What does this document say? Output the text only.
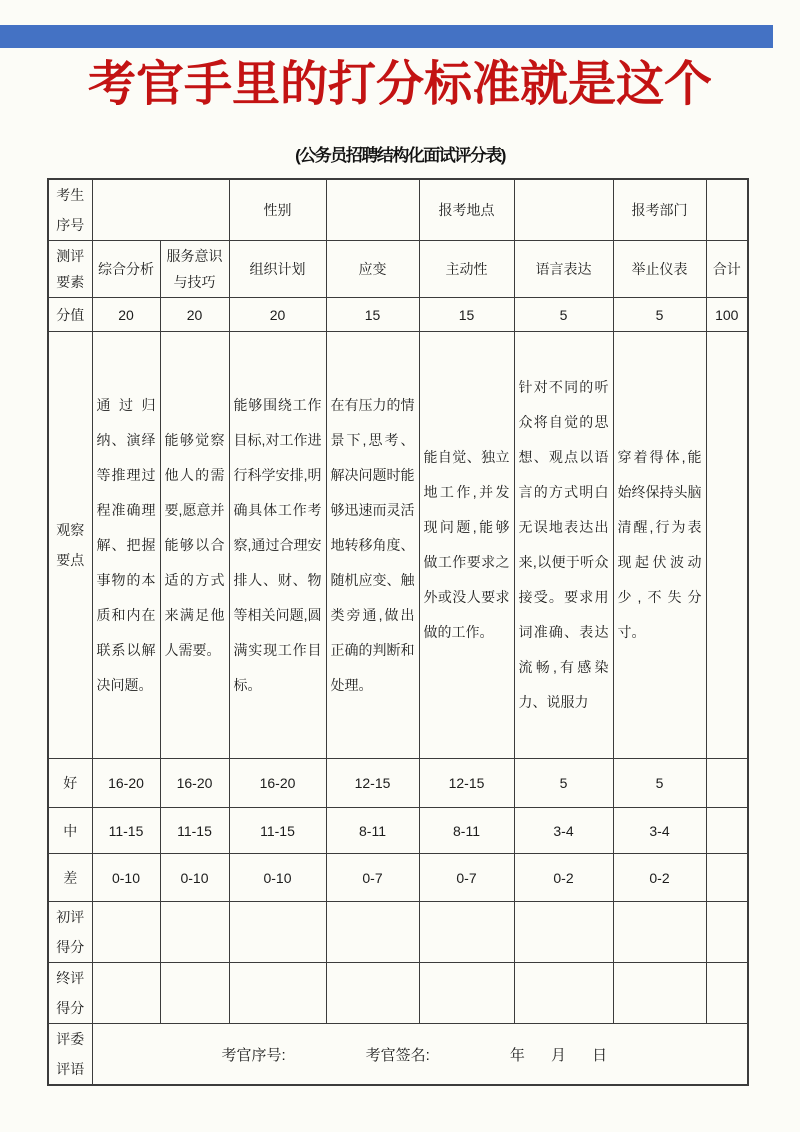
考官手里的打分标准就是这个
(公务员招聘结构化面试评分表)
考生序号			性别		报考地点		报考部门	
测评要素	综合分析	服务意识与技巧	组织计划	应变	主动性	语言表达	举止仪表	合计
分值	20	20	20	15	15	5	5	100
观察要点	通过归纳、演绎等推理过程准确理解、把握事物的本质和内在联系以解决问题。	能够觉察他人的需要,愿意并能够以合适的方式来满足他人需要。	能够围绕工作目标,对工作进行科学安排,明确具体工作考察,通过合理安排人、财、物等相关问题,圆满实现工作目标。	在有压力的情景下,思考、解决问题时能够迅速而灵活地转移角度、随机应变、触类旁通,做出正确的判断和处理。	能自觉、独立地工作,并发现问题,能够做工作要求之外或没人要求做的工作。	针对不同的听众将自觉的思想、观点以语言的方式明白无误地表达出来,以便于听众接受。要求用词准确、表达流畅,有感染力、说服力	穿着得体,能始终保持头脑清醒,行为表现起伏波动少,不失分寸。	
好	16-20	16-20	16-20	12-15	12-15	5	5	
中	11-15	11-15	11-15	8-11	8-11	3-4	3-4	
差	0-10	0-10	0-10	0-7	0-7	0-2	0-2	
初评得分								
终评得分								
评委评语	考官序号: 考官签名: 年 月 日							
